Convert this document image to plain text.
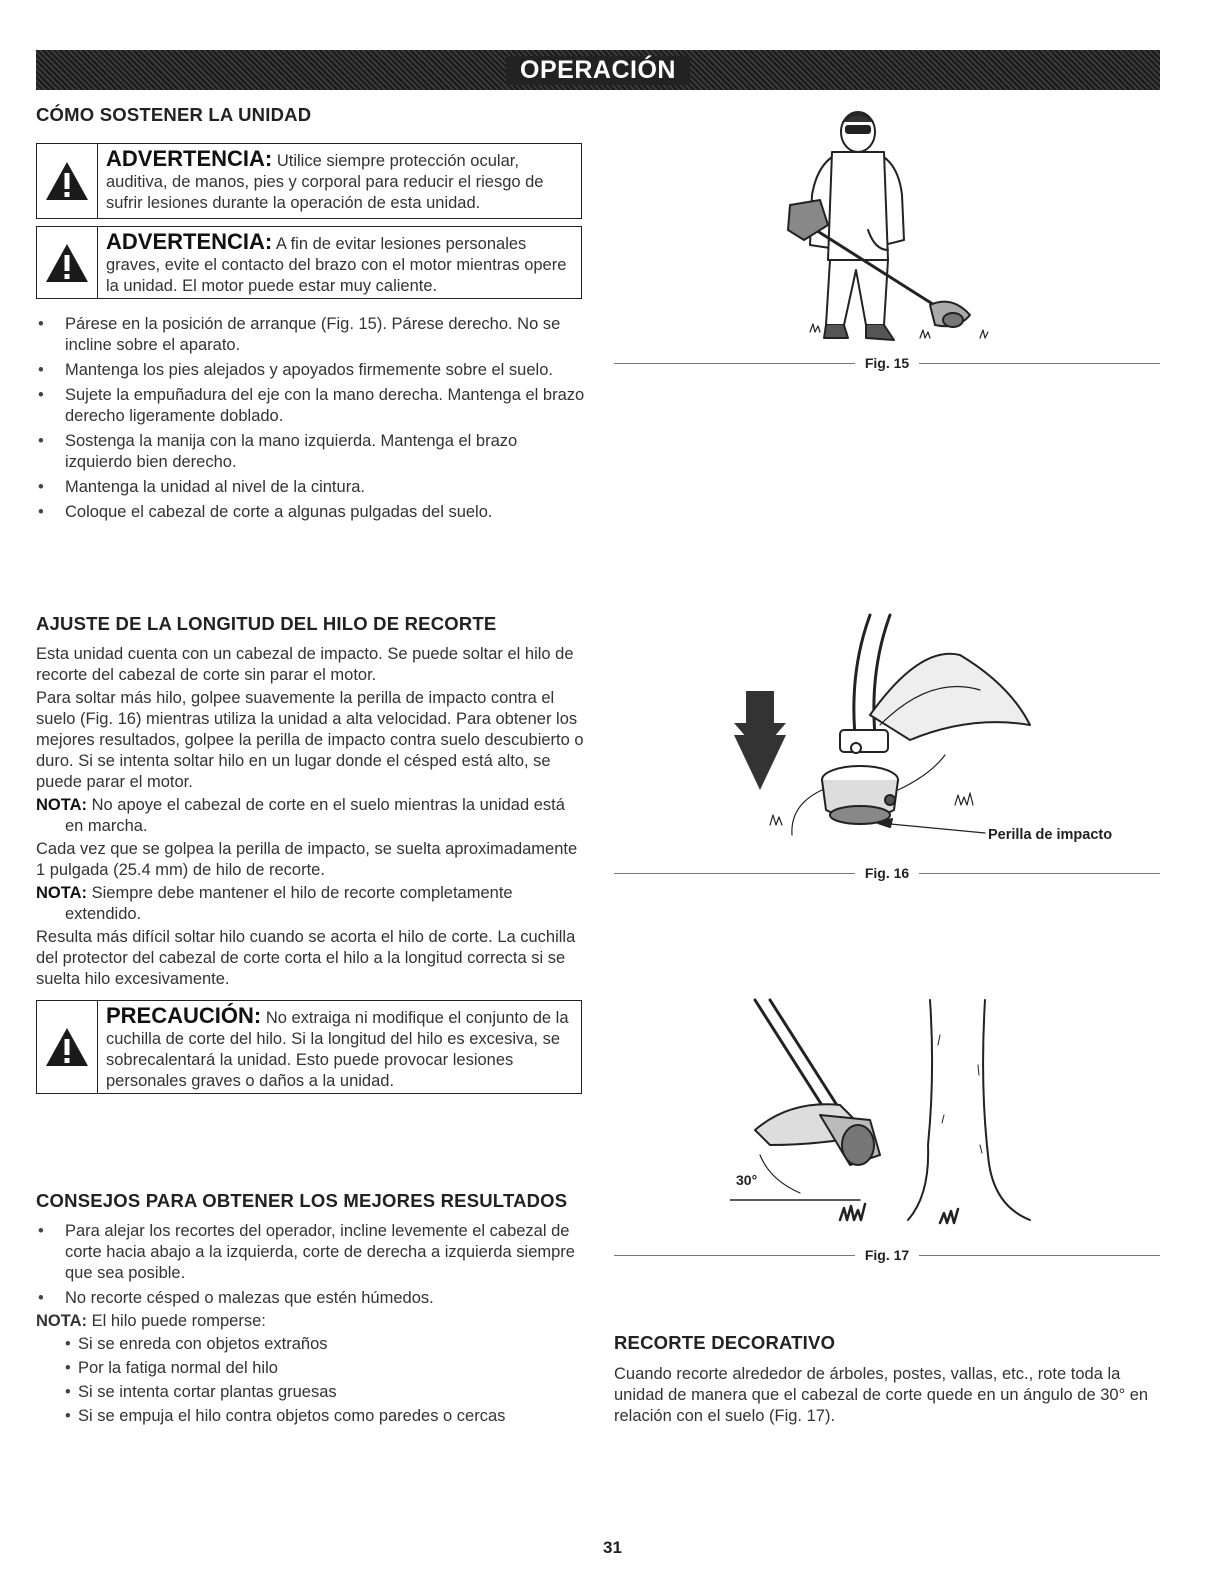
OPERACIÓN
CÓMO SOSTENER LA UNIDAD
ADVERTENCIA: Utilice siempre protección ocular, auditiva, de manos, pies y corporal para reducir el riesgo de sufrir lesiones durante la operación de esta unidad.
ADVERTENCIA: A fin de evitar lesiones personales graves, evite el contacto del brazo con el motor mientras opere la unidad. El motor puede estar muy caliente.
• Párese en la posición de arranque (Fig. 15). Párese derecho. No se incline sobre el aparato.
• Mantenga los pies alejados y apoyados firmemente sobre el suelo.
• Sujete la empuñadura del eje con la mano derecha. Mantenga el brazo derecho ligeramente doblado.
• Sostenga la manija con la mano izquierda. Mantenga el brazo izquierdo bien derecho.
• Mantenga la unidad al nivel de la cintura.
• Coloque el cabezal de corte a algunas pulgadas del suelo.
Fig. 15
AJUSTE DE LA LONGITUD DEL HILO DE RECORTE

Esta unidad cuenta con un cabezal de impacto. Se puede soltar el hilo de recorte del cabezal de corte sin parar el motor.

Para soltar más hilo, golpee suavemente la perilla de impacto contra el suelo (Fig. 16) mientras utiliza la unidad a alta velocidad. Para obtener los mejores resultados, golpee la perilla de impacto contra suelo descubierto o duro. Si se intenta soltar hilo en un lugar donde el césped está alto, se puede parar el motor.

NOTA: No apoye el cabezal de corte en el suelo mientras la unidad está en marcha.

Cada vez que se golpea la perilla de impacto, se suelta aproximadamente 1 pulgada (25.4 mm) de hilo de recorte.

NOTA: Siempre debe mantener el hilo de recorte completamente extendido.

Resulta más difícil soltar hilo cuando se acorta el hilo de corte. La cuchilla del protector del cabezal de corte corta el hilo a la longitud correcta si se suelta hilo excesivamente.

PRECAUCIÓN: No extraiga ni modifique el conjunto de la cuchilla de corte del hilo. Si la longitud del hilo es excesiva, se sobrecalentará la unidad. Esto puede provocar lesiones personales graves o daños a la unidad.
Perilla de impacto
Fig. 16
30°
Fig. 17
CONSEJOS PARA OBTENER LOS MEJORES RESULTADOS
• Para alejar los recortes del operador, incline levemente el cabezal de corte hacia abajo a la izquierda, corte de derecha a izquierda siempre que sea posible.
• No recorte césped o malezas que estén húmedos.
NOTA: El hilo puede romperse:
• Si se enreda con objetos extraños
• Por la fatiga normal del hilo
• Si se intenta cortar plantas gruesas
• Si se empuja el hilo contra objetos como paredes o cercas
RECORTE DECORATIVO
Cuando recorte alrededor de árboles, postes, vallas, etc., rote toda la unidad de manera que el cabezal de corte quede en un ángulo de 30° en relación con el suelo (Fig. 17).
31
